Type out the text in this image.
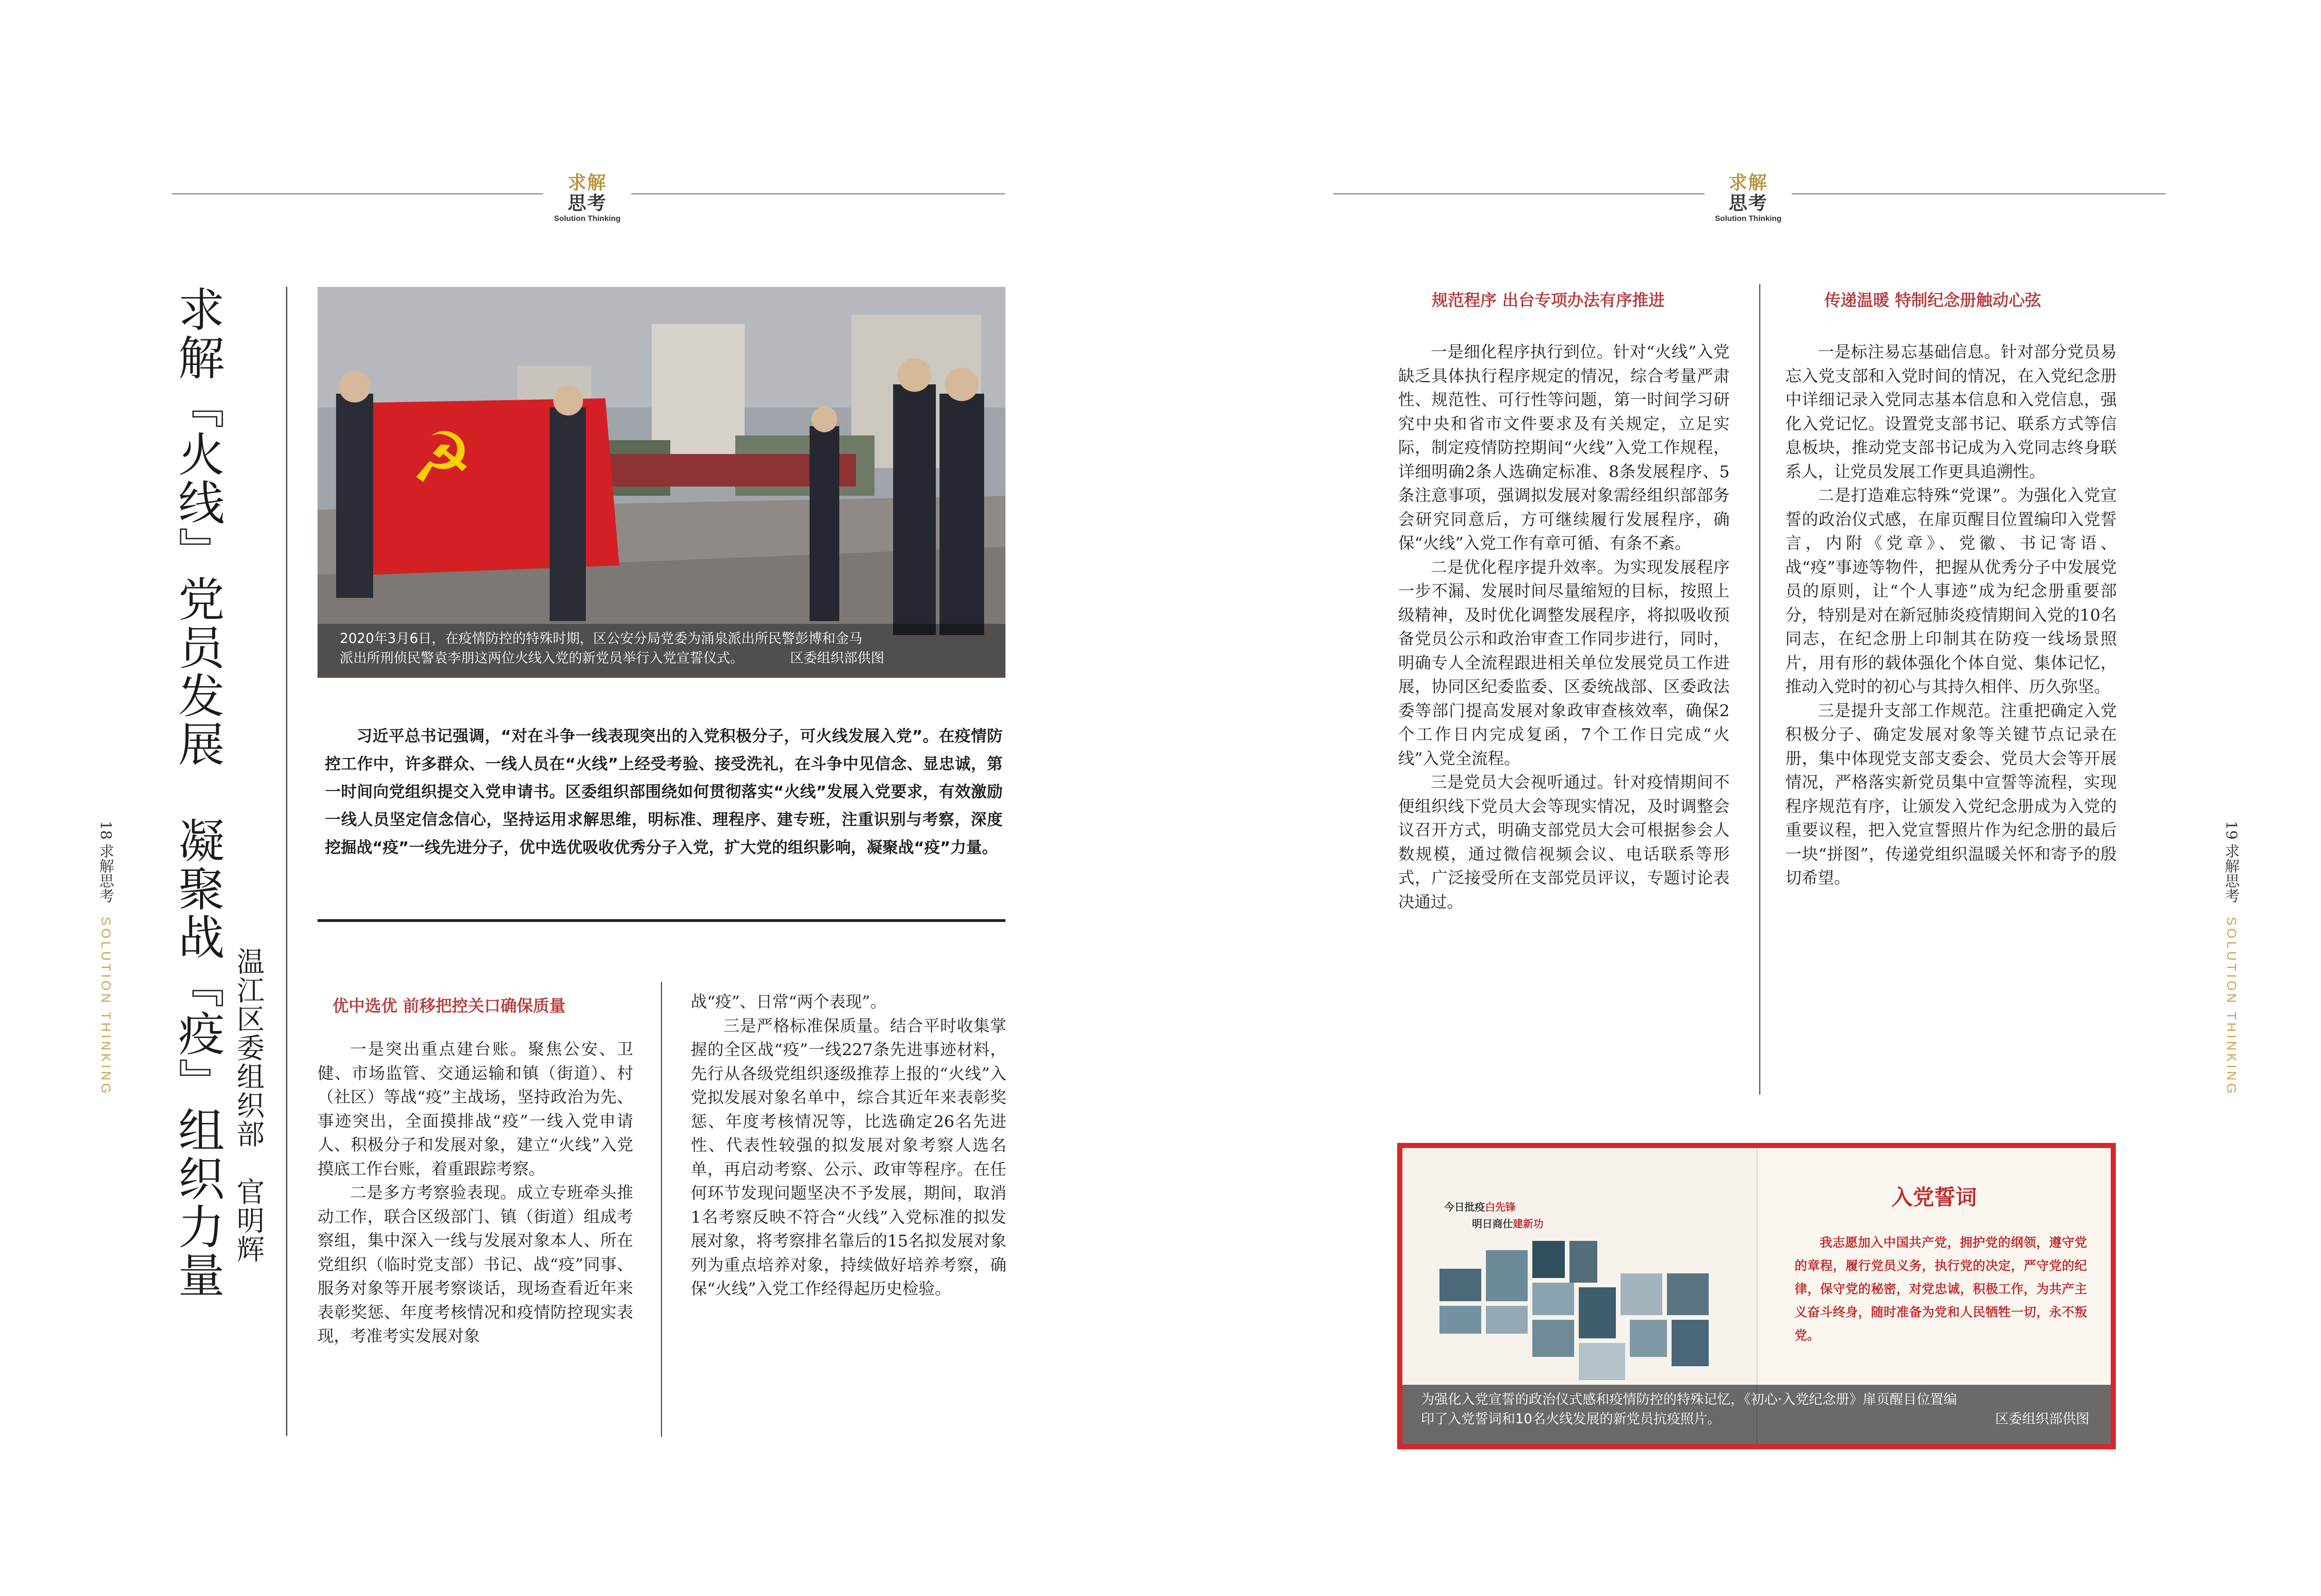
求解
思考
Solution Thinking
求解『火线』党员发展　凝聚战『疫』组织力量 温江区委组织部　官明辉
☭
2020年3月6日，在疫情防控的特殊时期，区公安分局党委为涌泉派出所民警彭博和金马
派出所刑侦民警袁李朋这两位火线入党的新党员举行入党宣誓仪式。	区委组织部供图
习近平总书记强调，“对在斗争一线表现突出的入党积极分子，可火线发展入党”。在疫情防控工作中，许多群众、一线人员在“火线”上经受考验、接受洗礼，在斗争中见信念、显忠诚，第一时间向党组织提交入党申请书。区委组织部围绕如何贯彻落实“火线”发展入党要求，有效激励一线人员坚定信念信心，坚持运用求解思维，明标准、理程序、建专班，注重识别与考察，深度挖掘战“疫”一线先进分子，优中选优吸收优秀分子入党，扩大党的组织影响，凝聚战“疫”力量。
优中选优 前移把控关口确保质量

一是突出重点建台账。聚焦公安、卫健、市场监管、交通运输和镇（街道）、村（社区）等战“疫”主战场，坚持政治为先、事迹突出，全面摸排战“疫”一线入党申请人、积极分子和发展对象，建立“火线”入党摸底工作台账，着重跟踪考察。

二是多方考察验表现。成立专班牵头推动工作，联合区级部门、镇（街道）组成考察组，集中深入一线与发展对象本人、所在党组织（临时党支部）书记、战“疫”同事、服务对象等开展考察谈话，现场查看近年来表彰奖惩、年度考核情况和疫情防控现实表现，考准考实发展对象

战“疫”、日常“两个表现”。

三是严格标准保质量。结合平时收集掌握的全区战“疫”一线227条先进事迹材料，先行从各级党组织逐级推荐上报的“火线”入党拟发展对象名单中，综合其近年来表彰奖惩、年度考核情况等，比选确定26名先进性、代表性较强的拟发展对象考察人选名单，再启动考察、公示、政审等程序。在任何环节发现问题坚决不予发展，期间，取消1名考察反映不符合“火线”入党标准的拟发展对象，将考察排名靠后的15名拟发展对象列为重点培养对象，持续做好培养考察，确保“火线”入党工作经得起历史检验。

18求解思考SOLUTION THINKING
求解
思考
Solution Thinking
规范程序 出台专项办法有序推进

一是细化程序执行到位。针对“火线”入党缺乏具体执行程序规定的情况，综合考量严肃性、规范性、可行性等问题，第一时间学习研究中央和省市文件要求及有关规定，立足实际，制定疫情防控期间“火线”入党工作规程，详细明确2条人选确定标准、8条发展程序、5条注意事项，强调拟发展对象需经组织部部务会研究同意后，方可继续履行发展程序，确保“火线”入党工作有章可循、有条不紊。

二是优化程序提升效率。为实现发展程序一步不漏、发展时间尽量缩短的目标，按照上级精神，及时优化调整发展程序，将拟吸收预备党员公示和政治审查工作同步进行，同时，明确专人全流程跟进相关单位发展党员工作进展，协同区纪委监委、区委统战部、区委政法委等部门提高发展对象政审查核效率，确保2个工作日内完成复函，7个工作日完成“火线”入党全流程。

三是党员大会视听通过。针对疫情期间不便组织线下党员大会等现实情况，及时调整会议召开方式，明确支部党员大会可根据参会人数规模，通过微信视频会议、电话联系等形式，广泛接受所在支部党员评议，专题讨论表决通过。

传递温暖 特制纪念册触动心弦

一是标注易忘基础信息。针对部分党员易忘入党支部和入党时间的情况，在入党纪念册中详细记录入党同志基本信息和入党信息，强化入党记忆。设置党支部书记、联系方式等信息板块，推动党支部书记成为入党同志终身联系人，让党员发展工作更具追溯性。

二是打造难忘特殊“党课”。为强化入党宣誓的政治仪式感，在扉页醒目位置编印入党誓言，内附《党章》、党徽、书记寄语、战“疫”事迹等物件，把握从优秀分子中发展党员的原则，让“个人事迹”成为纪念册重要部分，特别是对在新冠肺炎疫情期间入党的10名同志，在纪念册上印制其在防疫一线场景照片，用有形的载体强化个体自觉、集体记忆，推动入党时的初心与其持久相伴、历久弥坚。

三是提升支部工作规范。注重把确定入党积极分子、确定发展对象等关键节点记录在册，集中体现党支部支委会、党员大会等开展情况，严格落实新党员集中宣誓等流程，实现程序规范有序，让颁发入党纪念册成为入党的重要议程，把入党宣誓照片作为纪念册的最后一块“拼图”，传递党组织温暖关怀和寄予的殷切希望。

今日批疫白先锋
明日商仕建新功
入党誓词
我志愿加入中国共产党，拥护党的纲领，遵守党的章程，履行党员义务，执行党的决定，严守党的纪律，保守党的秘密，对党忠诚，积极工作，为共产主义奋斗终身，随时准备为党和人民牺牲一切，永不叛党。
为强化入党宣誓的政治仪式感和疫情防控的特殊记忆，《初心·入党纪念册》扉页醒目位置编
印了入党誓词和10名火线发展的新党员抗疫照片。	区委组织部供图
19求解思考SOLUTION THINKING
